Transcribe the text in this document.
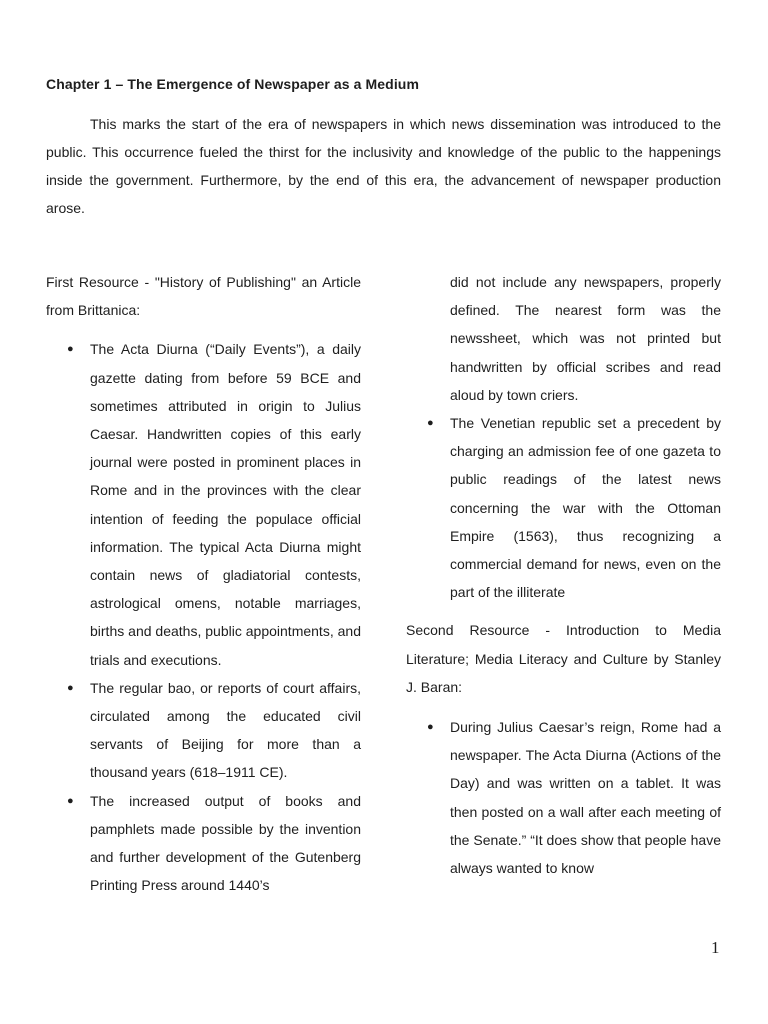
Chapter 1 – The Emergence of Newspaper as a Medium

This marks the start of the era of newspapers in which news dissemination was introduced to the public. This occurrence fueled the thirst for the inclusivity and knowledge of the public to the happenings inside the government. Furthermore, by the end of this era, the advancement of newspaper production arose.

First Resource - "History of Publishing" an Article from Brittanica:

● The Acta Diurna (“Daily Events”), a daily gazette dating from before 59 BCE and sometimes attributed in origin to Julius Caesar. Handwritten copies of this early journal were posted in prominent places in Rome and in the provinces with the clear intention of feeding the populace official information. The typical Acta Diurna might contain news of gladiatorial contests, astrological omens, notable marriages, births and deaths, public appointments, and trials and executions.
● The regular bao, or reports of court affairs, circulated among the educated civil servants of Beijing for more than a thousand years (618–1911 CE).
● The increased output of books and pamphlets made possible by the invention and further development of the Gutenberg Printing Press around 1440’s

did not include any newspapers, properly defined. The nearest form was the newssheet, which was not printed but handwritten by official scribes and read aloud by town criers.

● The Venetian republic set a precedent by charging an admission fee of one gazeta to public readings of the latest news concerning the war with the Ottoman Empire (1563), thus recognizing a commercial demand for news, even on the part of the illiterate

Second Resource - Introduction to Media Literature; Media Literacy and Culture by Stanley J. Baran:

● During Julius Caesar’s reign, Rome had a newspaper. The Acta Diurna (Actions of the Day) and was written on a tablet. It was then posted on a wall after each meeting of the Senate.” “It does show that people have always wanted to know
1
